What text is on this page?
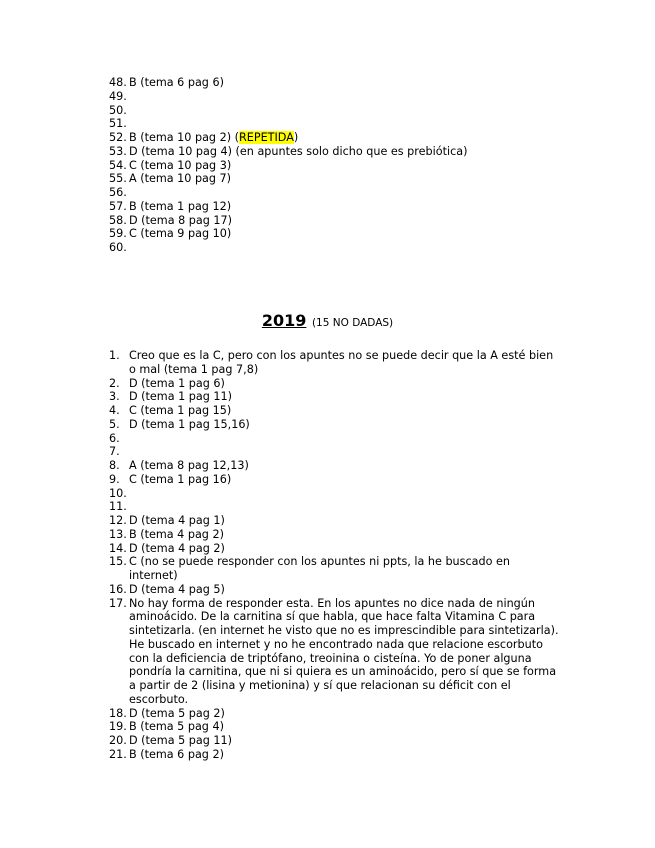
48. B (tema 6 pag 6)
49.
50.
51.
52. B (tema 10 pag 2) (REPETIDA)
53. D (tema 10 pag 4) (en apuntes solo dicho que es prebiótica)
54. C (tema 10 pag 3)
55. A (tema 10 pag 7)
56.
57. B (tema 1 pag 12)
58. D (tema 8 pag 17)
59. C (tema 9 pag 10)
60.
2019 (15 NO DADAS)
1. Creo que es la C, pero con los apuntes no se puede decir que la A esté bien o mal (tema 1 pag 7,8)
2. D (tema 1 pag 6)
3. D (tema 1 pag 11)
4. C (tema 1 pag 15)
5. D (tema 1 pag 15,16)
6.
7.
8. A (tema 8 pag 12,13)
9. C (tema 1 pag 16)
10.
11.
12. D (tema 4 pag 1)
13. B (tema 4 pag 2)
14. D (tema 4 pag 2)
15. C (no se puede responder con los apuntes ni ppts, la he buscado en internet)
16. D (tema 4 pag 5)
17. No hay forma de responder esta. En los apuntes no dice nada de ningún aminoácido. De la carnitina sí que habla, que hace falta Vitamina C para sintetizarla. (en internet he visto que no es imprescindible para sintetizarla). He buscado en internet y no he encontrado nada que relacione escorbuto con la deficiencia de triptófano, treoinina o cisteína. Yo de poner alguna pondría la carnitina, que ni si quiera es un aminoácido, pero sí que se forma a partir de 2 (lisina y metionina) y sí que relacionan su déficit con el escorbuto.
18. D (tema 5 pag 2)
19. B (tema 5 pag 4)
20. D (tema 5 pag 11)
21. B (tema 6 pag 2)
